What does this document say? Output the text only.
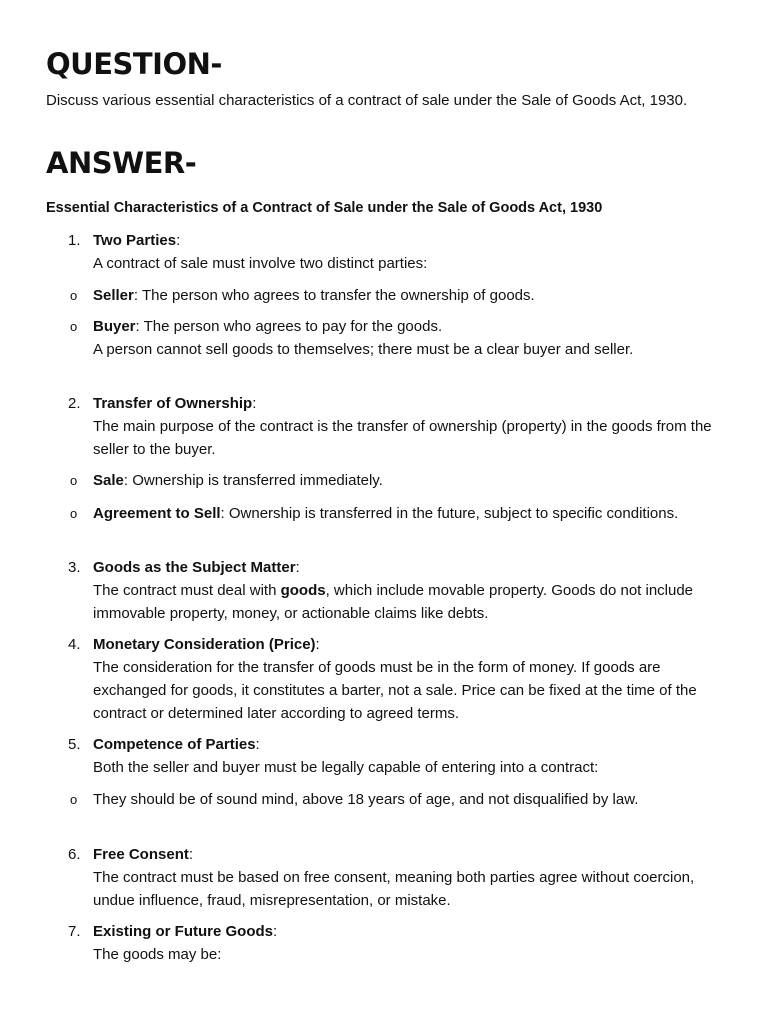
QUESTION-

Discuss various essential characteristics of a contract of sale under the Sale of Goods Act, 1930.

ANSWER-

Essential Characteristics of a Contract of Sale under the Sale of Goods Act, 1930

1. Two Parties:
A contract of sale must involve two distinct parties:
o Seller: The person who agrees to transfer the ownership of goods.
o Buyer: The person who agrees to pay for the goods.
A person cannot sell goods to themselves; there must be a clear buyer and seller.
2. Transfer of Ownership:
The main purpose of the contract is the transfer of ownership (property) in the goods from the seller to the buyer.
o Sale: Ownership is transferred immediately.
o Agreement to Sell: Ownership is transferred in the future, subject to specific conditions.
3. Goods as the Subject Matter:
The contract must deal with goods, which include movable property. Goods do not include immovable property, money, or actionable claims like debts.
4. Monetary Consideration (Price):
The consideration for the transfer of goods must be in the form of money. If goods are exchanged for goods, it constitutes a barter, not a sale. Price can be fixed at the time of the contract or determined later according to agreed terms.
5. Competence of Parties:
Both the seller and buyer must be legally capable of entering into a contract:
o They should be of sound mind, above 18 years of age, and not disqualified by law.
6. Free Consent:
The contract must be based on free consent, meaning both parties agree without coercion, undue influence, fraud, misrepresentation, or mistake.
7. Existing or Future Goods:
The goods may be:
